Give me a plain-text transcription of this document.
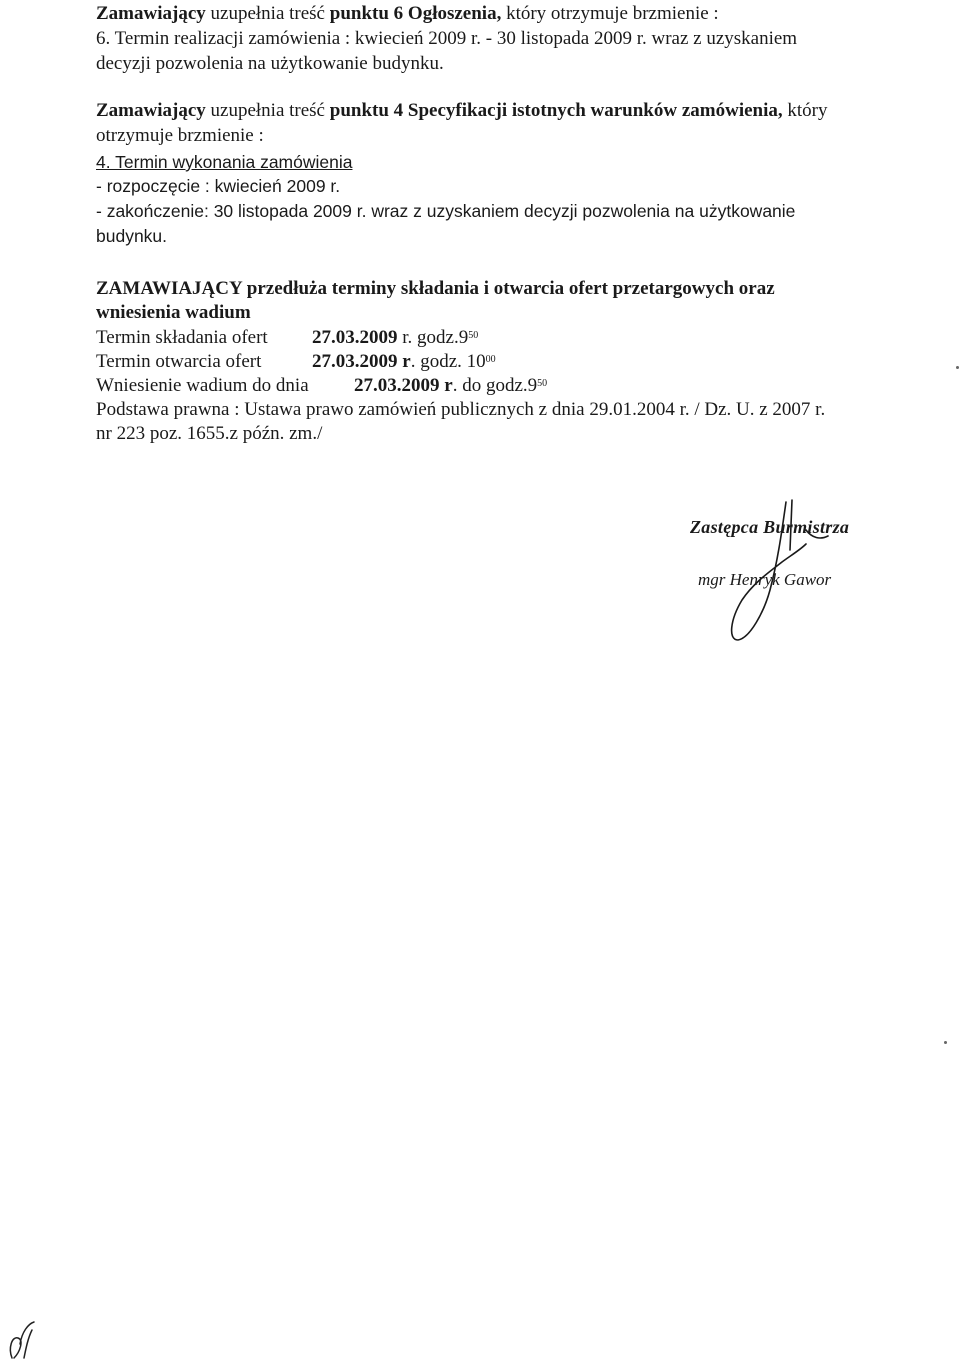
Zamawiający uzupełnia treść punktu 6 Ogłoszenia, który otrzymuje brzmienie :
6. Termin realizacji zamówienia : kwiecień 2009 r. - 30 listopada 2009 r. wraz z uzyskaniem
decyzji pozwolenia na użytkowanie budynku.
Zamawiający uzupełnia treść punktu 4 Specyfikacji istotnych warunków zamówienia, który
otrzymuje brzmienie :
4. Termin wykonania zamówienia
- rozpoczęcie : kwiecień 2009 r.
- zakończenie: 30 listopada 2009 r. wraz z uzyskaniem decyzji pozwolenia na użytkowanie
budynku.
ZAMAWIAJĄCY przedłuża terminy składania i otwarcia ofert przetargowych oraz
wniesienia wadium
Termin składania ofert 27.03.2009 r. $godz.9^{50}$
Termin otwarcia ofert	27.03.2009 r. godz. $10^{00}$
Wniesienie wadium do dnia 27.03.2009 r. do $godz.9^{50}$
Podstawa prawna : Ustawa prawo zamówień publicznych z dnia 29.01.2004 r. / Dz. U. z 2007 r.
nr 223 poz. 1655.z późn. zm./
Zastępca Burmistrza
mgr Henryk Gawor
